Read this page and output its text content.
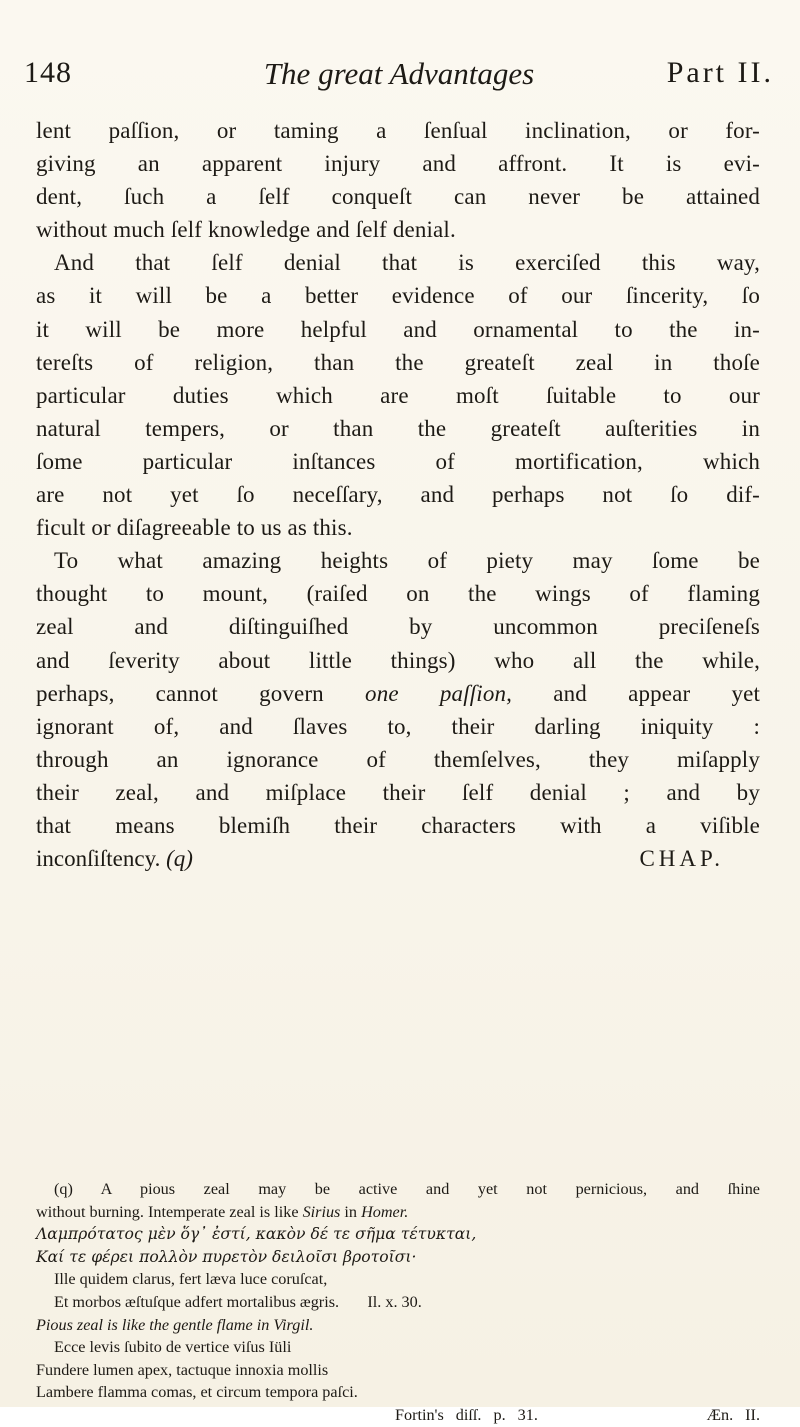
148	The great Advantages	Part II.
lent paſſion, or taming a ſenſual inclination, or for-
giving an apparent injury and affront. It is evi-
dent, ſuch a ſelf conqueſt can never be attained
without much ſelf knowledge and ſelf denial.
And that ſelf denial that is exerciſed this way,
as it will be a better evidence of our ſincerity, ſo
it will be more helpful and ornamental to the in-
tereſts of religion, than the greateſt zeal in thoſe
particular duties which are moſt ſuitable to our
natural tempers, or than the greateſt auſterities in
ſome particular inſtances of mortification, which
are not yet ſo neceſſary, and perhaps not ſo dif-
ficult or diſagreeable to us as this.
To what amazing heights of piety may ſome be
thought to mount, (raiſed on the wings of flaming
zeal and diſtinguiſhed by uncommon preciſeneſs
and ſeverity about little things) who all the while,
perhaps, cannot govern one paſſion, and appear yet
ignorant of, and ſlaves to, their darling iniquity :
through an ignorance of themſelves, they miſapply
their zeal, and miſplace their ſelf denial ; and by
that means blemiſh their characters with a viſible
inconſiſtency. (q)	CHAP.
(q) A pious zeal may be active and yet not pernicious, and ſhine
without burning. Intemperate zeal is like Sirius in Homer.
Λαμπρότατος μὲν ὅγ᾽ ἐστί, κακὸν δέ τε σῆμα τέτυκται,
Καί τε φέρει πολλὸν πυρετὸν δειλοῖσι βροτοῖσι·
Ille quidem clarus, fert læva luce coruſcat,
Et morbos æſtuſque adfert mortalibus ægris. Il. x. 30.
Pious zeal is like the gentle flame in Virgil.
Ecce levis ſubito de vertice viſus Iüli
Fundere lumen apex, tactuque innoxia mollis
Lambere flamma comas, et circum tempora paſci.
Fortin's diſſ. p. 31.	Æn. II.
